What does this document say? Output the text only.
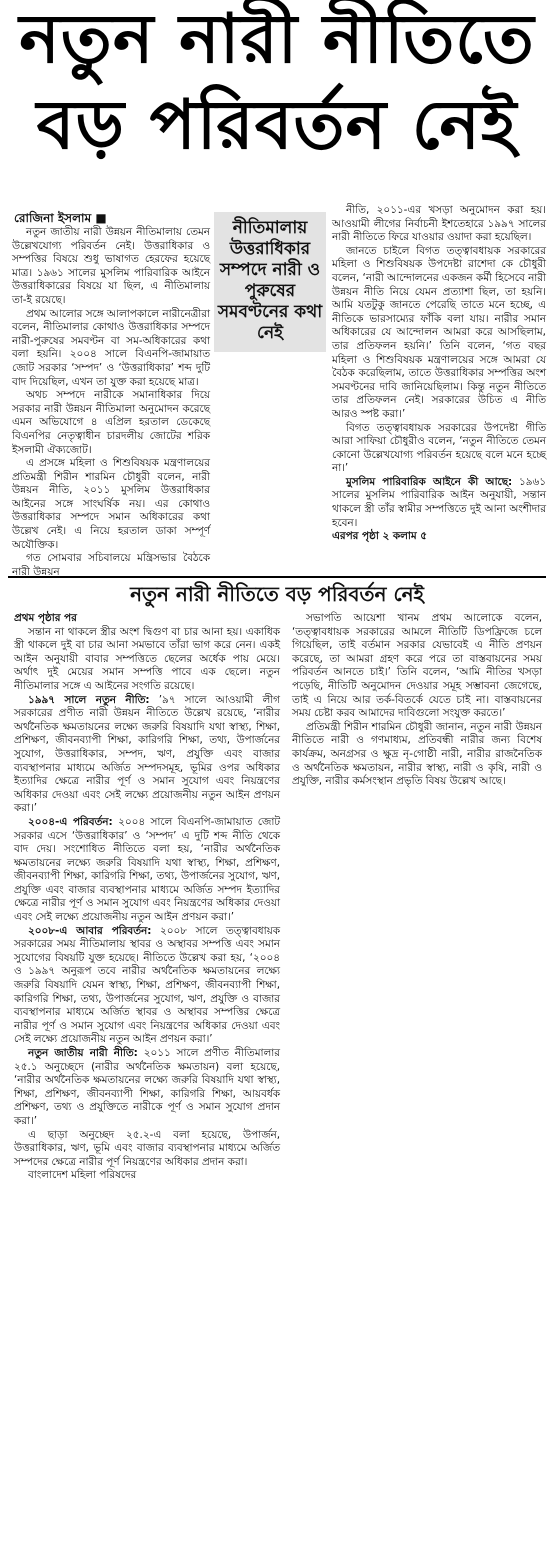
নতুন নারী নীতিতে
বড় পরিবর্তন নেই
রোজিনা ইসলাম ■

নতুন জাতীয় নারী উন্নয়ন নীতিমালায় তেমন উল্লেখযোগ্য পরিবর্তন নেই। উত্তরাধিকার ও সম্পত্তির বিষয়ে শুধু ভাষাগত হেরফের হয়েছে মাত্র। ১৯৬১ সালের মুসলিম পারিবারিক আইনে উত্তরাধিকারের বিষয়ে যা ছিল, এ নীতিমালায় তা-ই রয়েছে।

প্রথম আলোর সঙ্গে আলাপকালে নারীনেত্রীরা বলেন, নীতিমালার কোথাও উত্তরাধিকার সম্পদে নারী-পুরুষের সমবণ্টন বা সম-অধিকারের কথা বলা হয়নি। ২০০৪ সালে বিএনপি-জামায়াত জোট সরকার ‘সম্পদ’ ও ‘উত্তরাধিকার’ শব্দ দুটি বাদ দিয়েছিল, এখন তা যুক্ত করা হয়েছে মাত্র।

অথচ সম্পদে নারীকে সমানাধিকার দিয়ে সরকার নারী উন্নয়ন নীতিমালা অনুমোদন করেছে এমন অভিযোগে ৪ এপ্রিল হরতাল ডেকেছে বিএনপির নেতৃত্বাধীন চারদলীয় জোটের শরিক ইসলামী ঐক্যজোট।

এ প্রসঙ্গে মহিলা ও শিশুবিষয়ক মন্ত্রণালয়ের প্রতিমন্ত্রী শিরীন শারমিন চৌধুরী বলেন, নারী উন্নয়ন নীতি, ২০১১ মুসলিম উত্তরাধিকার আইনের সঙ্গে সাংঘর্ষিক নয়। এর কোথাও উত্তরাধিকার সম্পদে সমান অধিকারের কথা উল্লেখ নেই। এ নিয়ে হরতাল ডাকা সম্পূর্ণ অযৌক্তিক।

গত সোমবার সচিবালয়ে মন্ত্রিসভার বৈঠকে নারী উন্নয়ন

নীতিমালায় উত্তরাধিকার সম্পদে নারী ও পুরুষের সমবণ্টনের কথা নেই

নীতি, ২০১১-এর খসড়া অনুমোদন করা হয়। আওয়ামী লীগের নির্বাচনী ইশতেহারে ১৯৯৭ সালের নারী নীতিতে ফিরে যাওয়ার ওয়াদা করা হয়েছিল।

জানতে চাইলে বিগত তত্ত্বাবধায়ক সরকারের মহিলা ও শিশুবিষয়ক উপদেষ্টা রাশেদা কে চৌধুরী বলেন, ‘নারী আন্দোলনের একজন কর্মী হিসেবে নারী উন্নয়ন নীতি নিয়ে যেমন প্রত্যাশা ছিল, তা হয়নি। আমি যতটুকু জানতে পেরেছি তাতে মনে হচ্ছে, এ নীতিকে ভারসাম্যের ফাঁকি বলা যায়। নারীর সমান অধিকারের যে আন্দোলন আমরা করে আসছিলাম, তার প্রতিফলন হয়নি।’ তিনি বলেন, ‘গত বছর মহিলা ও শিশুবিষয়ক মন্ত্রণালয়ের সঙ্গে আমরা যে বৈঠক করেছিলাম, তাতে উত্তরাধিকার সম্পত্তির অংশ সমবণ্টনের দাবি জানিয়েছিলাম। কিন্তু নতুন নীতিতে তার প্রতিফলন নেই। সরকারের উচিত এ নীতি আরও স্পষ্ট করা।’

বিগত তত্ত্বাবধায়ক সরকারের উপদেষ্টা গীতি আরা সাফিয়া চৌধুরীও বলেন, ‘নতুন নীতিতে তেমন কোনো উল্লেখযোগ্য পরিবর্তন হয়েছে বলে মনে হচ্ছে না।’

মুসলিম পারিবারিক আইনে কী আছে: ১৯৬১ সালের মুসলিম পারিবারিক আইন অনুযায়ী, সন্তান থাকলে স্ত্রী তাঁর স্বামীর সম্পত্তিতে দুই আনা অংশীদার হবেন।

এরপর পৃষ্ঠা ২ কলাম ৫
নতুন নারী নীতিতে বড় পরিবর্তন নেই
প্রথম পৃষ্ঠার পর

সন্তান না থাকলে স্ত্রীর অংশ দ্বিগুণ বা চার আনা হয়। একাধিক স্ত্রী থাকলে দুই বা চার আনা সমভাবে তাঁরা ভাগ করে নেন। একই আইন অনুযায়ী বাবার সম্পত্তিতে ছেলের অর্ধেক পায় মেয়ে। অর্থাৎ দুই মেয়ের সমান সম্পত্তি পাবে এক ছেলে। নতুন নীতিমালার সঙ্গে এ আইনের সংগতি রয়েছে।

১৯৯৭ সালে নতুন নীতি: ’৯৭ সালে আওয়ামী লীগ সরকারের প্রণীত নারী উন্নয়ন নীতিতে উল্লেখ রয়েছে, ‘নারীর অর্থনৈতিক ক্ষমতায়নের লক্ষ্যে জরুরি বিষয়াদি যথা স্বাস্থ্য, শিক্ষা, প্রশিক্ষণ, জীবনব্যাপী শিক্ষা, কারিগরি শিক্ষা, তথ্য, উপার্জনের সুযোগ, উত্তরাধিকার, সম্পদ, ঋণ, প্রযুক্তি এবং বাজার ব্যবস্থাপনার মাধ্যমে অর্জিত সম্পদসমূহ, ভূমির ওপর অধিকার ইত্যাদির ক্ষেত্রে নারীর পূর্ণ ও সমান সুযোগ এবং নিয়ন্ত্রণের অধিকার দেওয়া এবং সেই লক্ষ্যে প্রয়োজনীয় নতুন আইন প্রণয়ন করা।’

২০০৪-এ পরিবর্তন: ২০০৪ সালে বিএনপি-জামায়াত জোট সরকার এসে ‘উত্তরাধিকার’ ও ‘সম্পদ’ এ দুটি শব্দ নীতি থেকে বাদ দেয়। সংশোধিত নীতিতে বলা হয়, ‘নারীর অর্থনৈতিক ক্ষমতায়নের লক্ষ্যে জরুরি বিষয়াদি যথা স্বাস্থ্য, শিক্ষা, প্রশিক্ষণ, জীবনব্যাপী শিক্ষা, কারিগরি শিক্ষা, তথ্য, উপার্জনের সুযোগ, ঋণ, প্রযুক্তি এবং বাজার ব্যবস্থাপনার মাধ্যমে অর্জিত সম্পদ ইত্যাদির ক্ষেত্রে নারীর পূর্ণ ও সমান সুযোগ এবং নিয়ন্ত্রণের অধিকার দেওয়া এবং সেই লক্ষ্যে প্রয়োজনীয় নতুন আইন প্রণয়ন করা।’

২০০৮-এ আবার পরিবর্তন: ২০০৮ সালে তত্ত্বাবধায়ক সরকারের সময় নীতিমালায় স্থাবর ও অস্থাবর সম্পত্তি এবং সমান সুযোগের বিষয়টি যুক্ত হয়েছে। নীতিতে উল্লেখ করা হয়, ‘২০০৪ ও ১৯৯৭ অনুরূপ তবে নারীর অর্থনৈতিক ক্ষমতায়নের লক্ষ্যে জরুরি বিষয়াদি যেমন স্বাস্থ্য, শিক্ষা, প্রশিক্ষণ, জীবনব্যাপী শিক্ষা, কারিগরি শিক্ষা, তথ্য, উপার্জনের সুযোগ, ঋণ, প্রযুক্তি ও বাজার ব্যবস্থাপনার মাধ্যমে অর্জিত স্থাবর ও অস্থাবর সম্পত্তির ক্ষেত্রে নারীর পূর্ণ ও সমান সুযোগ এবং নিয়ন্ত্রণের অধিকার দেওয়া এবং সেই লক্ষ্যে প্রয়োজনীয় নতুন আইন প্রণয়ন করা।’

নতুন জাতীয় নারী নীতি: ২০১১ সালে প্রণীত নীতিমালার ২৫.১ অনুচ্ছেদে (নারীর অর্থনৈতিক ক্ষমতায়ন) বলা হয়েছে, ‘নারীর অর্থনৈতিক ক্ষমতায়নের লক্ষ্যে জরুরি বিষয়াদি যথা স্বাস্থ্য, শিক্ষা, প্রশিক্ষণ, জীবনব্যাপী শিক্ষা, কারিগরি শিক্ষা, আয়বর্ধক প্রশিক্ষণ, তথ্য ও প্রযুক্তিতে নারীকে পূর্ণ ও সমান সুযোগ প্রদান করা।’

এ ছাড়া অনুচ্ছেদ ২৫.২-এ বলা হয়েছে, উপার্জন, উত্তরাধিকার, ঋণ, ভূমি এবং বাজার ব্যবস্থাপনার মাধ্যমে অর্জিত সম্পদের ক্ষেত্রে নারীর পূর্ণ নিয়ন্ত্রণের অধিকার প্রদান করা।

বাংলাদেশ মহিলা পরিষদের

সভাপতি আয়েশা খানম প্রথম আলোকে বলেন, ‘তত্ত্বাবধায়ক সরকারের আমলে নীতিটি ডিপফ্রিজে চলে গিয়েছিল, তাই বর্তমান সরকার যেভাবেই এ নীতি প্রণয়ন করেছে, তা আমরা গ্রহণ করে পরে তা বাস্তবায়নের সময় পরিবর্তন আনতে চাই।’ তিনি বলেন, ‘আমি নীতির খসড়া পড়েছি, নীতিটি অনুমোদন দেওয়ার সমূহ সম্ভাবনা জেগেছে, তাই এ নিয়ে আর তর্ক-বিতর্কে যেতে চাই না। বাস্তবায়নের সময় চেষ্টা করব আমাদের দাবিগুলো সংযুক্ত করতে।’

প্রতিমন্ত্রী শিরীন শারমিন চৌধুরী জানান, নতুন নারী উন্নয়ন নীতিতে নারী ও গণমাধ্যম, প্রতিবন্ধী নারীর জন্য বিশেষ কার্যক্রম, অনগ্রসর ও ক্ষুদ্র নৃ-গোষ্ঠী নারী, নারীর রাজনৈতিক ও অর্থনৈতিক ক্ষমতায়ন, নারীর স্বাস্থ্য, নারী ও কৃষি, নারী ও প্রযুক্তি, নারীর কর্মসংস্থান প্রভৃতি বিষয় উল্লেখ আছে।
